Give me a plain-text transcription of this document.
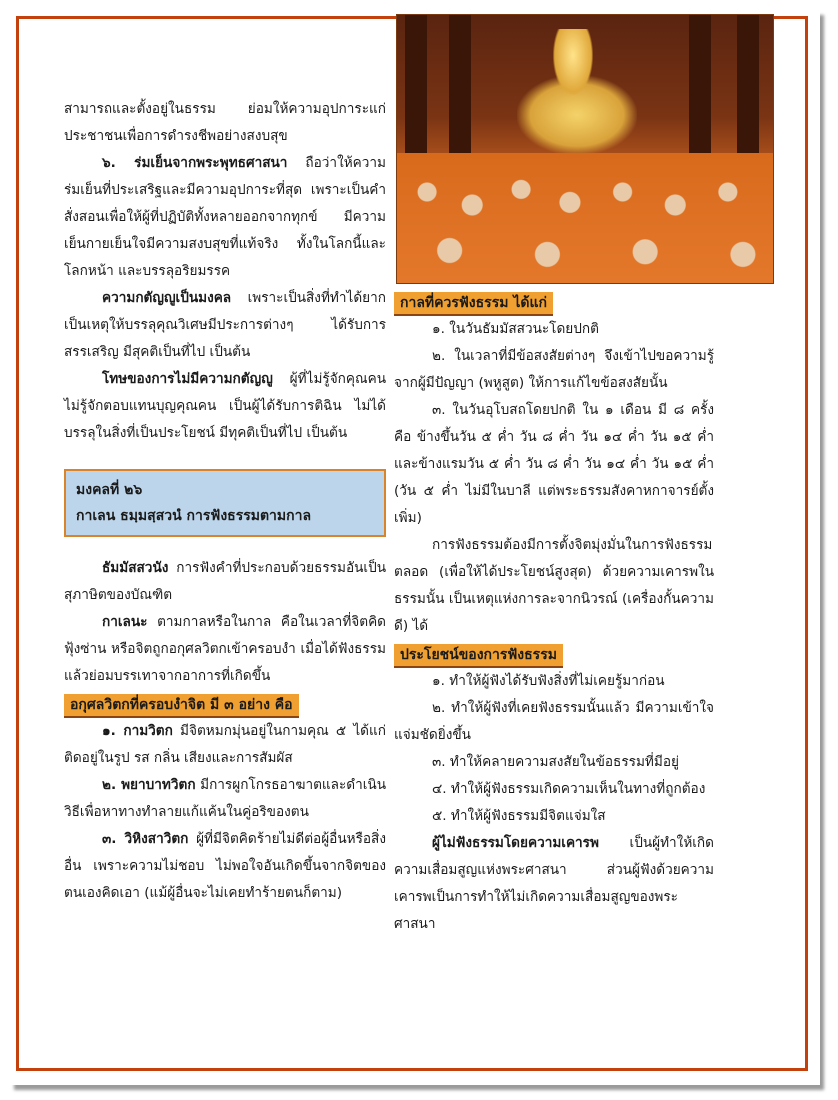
สามารถและตั้งอยู่ในธรรม ย่อมให้ความอุปการะแก่ประชาชนเพื่อการดำรงชีพอย่างสงบสุข

๖. ร่มเย็นจากพระพุทธศาสนา ถือว่าให้ความร่มเย็นที่ประเสริฐและมีความอุปการะที่สุด เพราะเป็นคำสั่งสอนเพื่อให้ผู้ที่ปฏิบัติทั้งหลายออกจากทุกข์ มีความเย็นกายเย็นใจมีความสงบสุขที่แท้จริง ทั้งในโลกนี้และโลกหน้า และบรรลุอริยมรรค

ความกตัญญูเป็นมงคล เพราะเป็นสิ่งที่ทำได้ยาก เป็นเหตุให้บรรลุคุณวิเศษมีประการต่างๆ ได้รับการสรรเสริญ มีสุคติเป็นที่ไป เป็นต้น

โทษของการไม่มีความกตัญญู ผู้ที่ไม่รู้จักคุณคน ไม่รู้จักตอบแทนบุญคุณคน เป็นผู้ได้รับการติฉิน ไม่ได้บรรลุในสิ่งที่เป็นประโยชน์ มีทุคติเป็นที่ไป เป็นต้น

มงคลที่ ๒๖
กาเลน ธมฺมสฺสวนํ การฟังธรรมตามกาล

ธัมมัสสวนัง การฟังคำที่ประกอบด้วยธรรมอันเป็นสุภาษิตของบัณฑิต

กาเลนะ ตามกาลหรือในกาล คือในเวลาที่จิตคิดฟุ้งซ่าน หรือจิตถูกอกุศลวิตกเข้าครอบงำ เมื่อได้ฟังธรรมแล้วย่อมบรรเทาจากอาการที่เกิดขึ้น

อกุศลวิตกที่ครอบงำจิต มี ๓ อย่าง คือ

๑. กามวิตก มีจิตหมกมุ่นอยู่ในกามคุณ ๕ ได้แก่ ติดอยู่ในรูป รส กลิ่น เสียงและการสัมผัส

๒. พยาบาทวิตก มีการผูกโกรธอาฆาตและดำเนินวิธีเพื่อหาทางทำลายแก้แค้นในคู่อริของตน

๓. วิหิงสาวิตก ผู้ที่มีจิตคิดร้ายไม่ดีต่อผู้อื่นหรือสิ่งอื่น เพราะความไม่ชอบ ไม่พอใจอันเกิดขึ้นจากจิตของตนเองคิดเอา (แม้ผู้อื่นจะไม่เคยทำร้ายตนก็ตาม)

กาลที่ควรฟังธรรม ได้แก่

๑. ในวันธัมมัสสวนะโดยปกติ

๒. ในเวลาที่มีข้อสงสัยต่างๆ จึงเข้าไปขอความรู้จากผู้มีปัญญา (พหูสูต) ให้การแก้ไขข้อสงสัยนั้น

๓. ในวันอุโบสถโดยปกติ ใน ๑ เดือน มี ๘ ครั้ง คือ ข้างขึ้นวัน ๕ ค่ำ วัน ๘ ค่ำ วัน ๑๔ ค่ำ วัน ๑๕ ค่ำ และข้างแรมวัน ๕ ค่ำ วัน ๘ ค่ำ วัน ๑๔ ค่ำ วัน ๑๕ ค่ำ (วัน ๕ ค่ำ ไม่มีในบาลี แต่พระธรรมสังคาหกาจารย์ตั้งเพิ่ม)

การฟังธรรมต้องมีการตั้งจิตมุ่งมั่นในการฟังธรรมตลอด (เพื่อให้ได้ประโยชน์สูงสุด) ด้วยความเคารพในธรรมนั้น เป็นเหตุแห่งการละจากนิวรณ์ (เครื่องกั้นความดี) ได้

ประโยชน์ของการฟังธรรม

๑. ทำให้ผู้ฟังได้รับฟังสิ่งที่ไม่เคยรู้มาก่อน

๒. ทำให้ผู้ฟังที่เคยฟังธรรมนั้นแล้ว มีความเข้าใจแจ่มชัดยิ่งขึ้น

๓. ทำให้คลายความสงสัยในข้อธรรมที่มีอยู่

๔. ทำให้ผู้ฟังธรรมเกิดความเห็นในทางที่ถูกต้อง

๕. ทำให้ผู้ฟังธรรมมีจิตแจ่มใส

ผู้ไม่ฟังธรรมโดยความเคารพ เป็นผู้ทำให้เกิดความเสื่อมสูญแห่งพระศาสนา ส่วนผู้ฟังด้วยความเคารพเป็นการทำให้ไม่เกิดความเสื่อมสูญของพระศาสนา
